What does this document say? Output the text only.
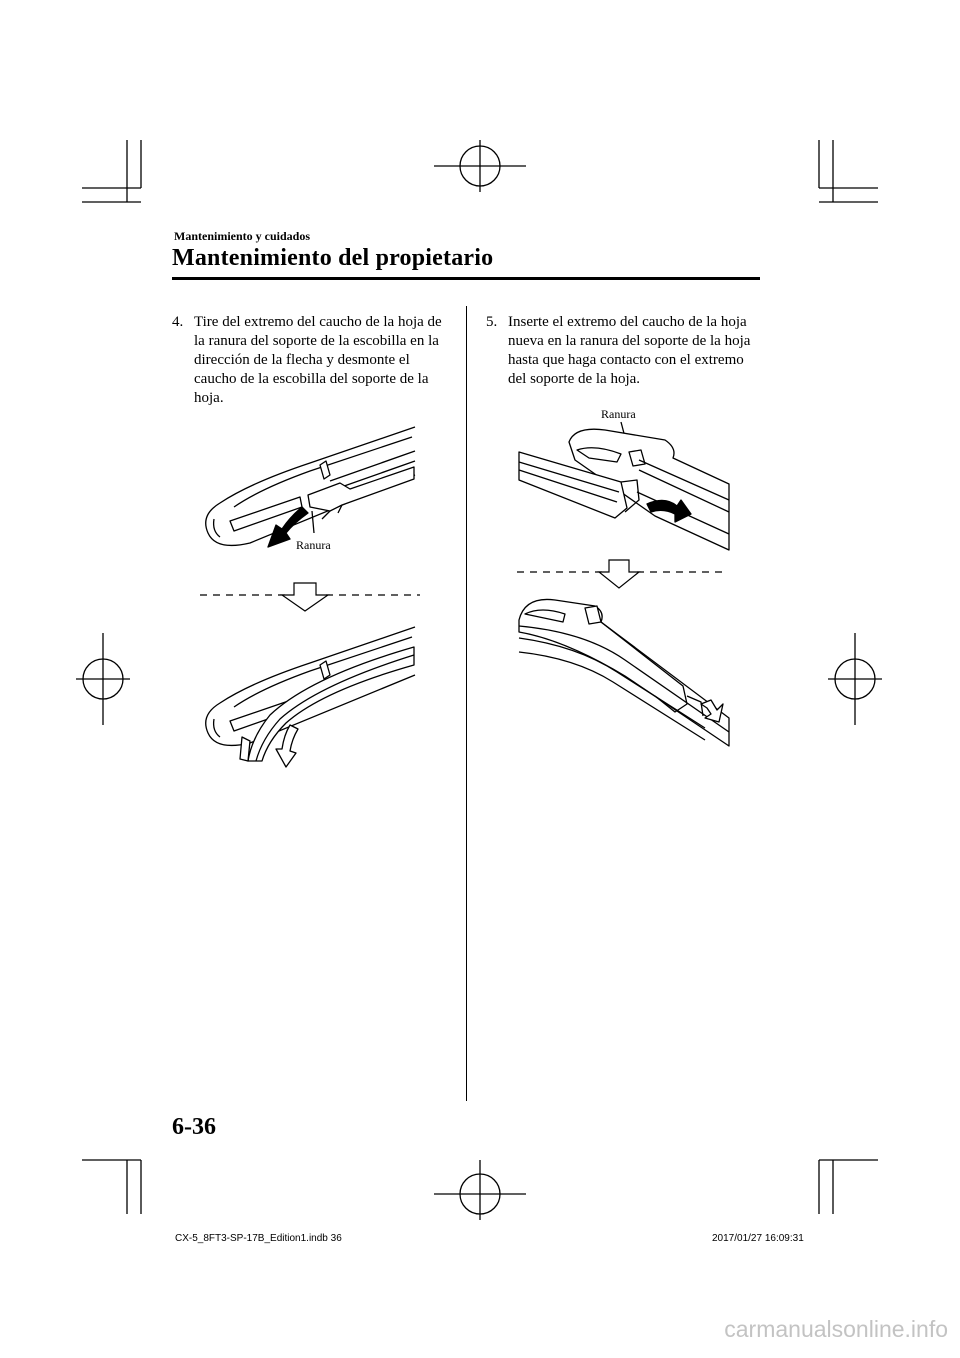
Mantenimiento y cuidados
Mantenimiento del propietario
4. Tire del extremo del caucho de la hoja de la ranura del soporte de la escobilla en la dirección de la flecha y desmonte el caucho de la escobilla del soporte de la hoja.
5. Inserte el extremo del caucho de la hoja nueva en la ranura del soporte de la hoja hasta que haga contacto con el extremo del soporte de la hoja.
Ranura
Ranura
6-36
CX-5_8FT3-SP-17B_Edition1.indb 36	2017/01/27 16:09:31
carmanualsonline.info
